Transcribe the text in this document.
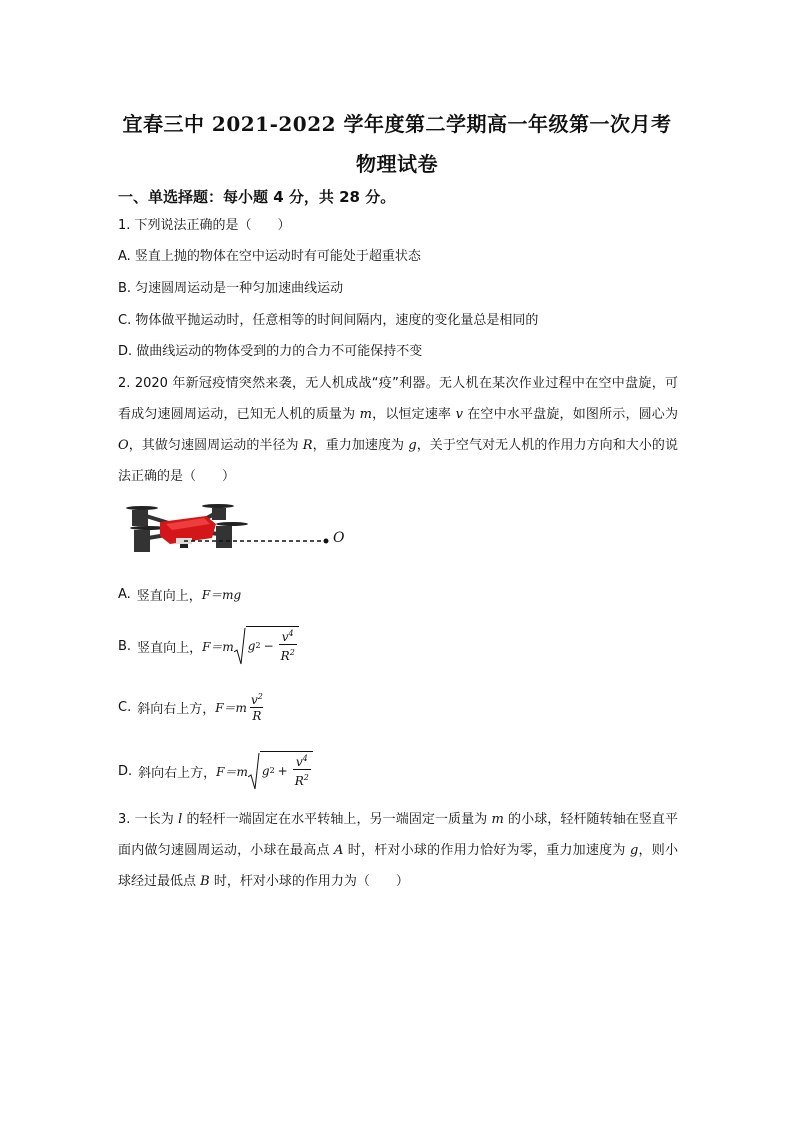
宜春三中 2021-2022 学年度第二学期高一年级第一次月考
物理试卷
一、单选择题：每小题 4 分，共 28 分。
1. 下列说法正确的是（　　）
A. 竖直上抛的物体在空中运动时有可能处于超重状态
B. 匀速圆周运动是一种匀加速曲线运动
C. 物体做平抛运动时，任意相等的时间间隔内，速度的变化量总是相同的
D. 做曲线运动的物体受到的力的合力不可能保持不变
2. 2020 年新冠疫情突然来袭，无人机成战“疫”利器。无人机在某次作业过程中在空中盘旋，可看成匀速圆周运动，已知无人机的质量为 m，以恒定速率 v 在空中水平盘旋，如图所示，圆心为 O，其做匀速圆周运动的半径为 R，重力加速度为 g，关于空气对无人机的作用力方向和大小的说法正确的是（　　）
O
A. 竖直向上， F＝mg
B. 竖直向上， F＝m g $2 - \frac{v^4}{R^2}$
C. 斜向右上方， $F=m \frac{v^2}{R}$
D. 斜向右上方， F＝m g $2 + \frac{v^4}{R^2}$
3. 一长为 l 的轻杆一端固定在水平转轴上，另一端固定一质量为 m 的小球，轻杆随转轴在竖直平面内做匀速圆周运动，小球在最高点 A 时，杆对小球的作用力恰好为零，重力加速度为 g，则小球经过最低点 B 时，杆对小球的作用力为（　　）
